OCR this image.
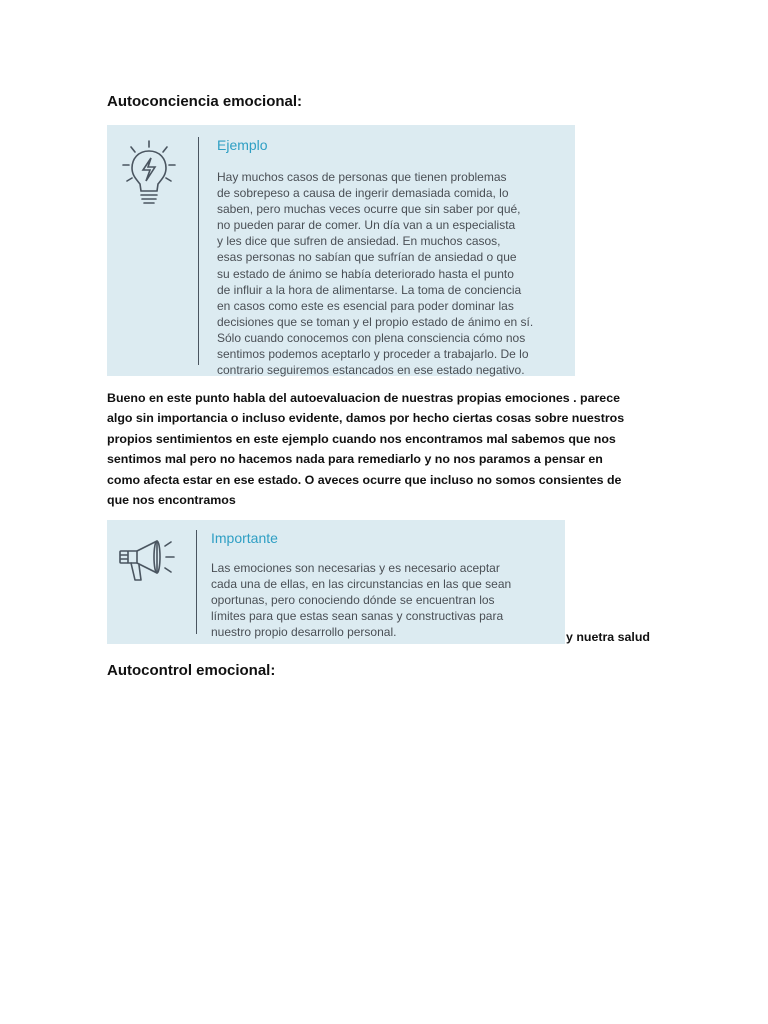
Autoconciencia emocional:
Ejemplo

Hay muchos casos de personas que tienen problemas
de sobrepeso a causa de ingerir demasiada comida, lo
saben, pero muchas veces ocurre que sin saber por qué,
no pueden parar de comer. Un día van a un especialista
y les dice que sufren de ansiedad. En muchos casos,
esas personas no sabían que sufrían de ansiedad o que
su estado de ánimo se había deteriorado hasta el punto
de influir a la hora de alimentarse. La toma de conciencia
en casos como este es esencial para poder dominar las
decisiones que se toman y el propio estado de ánimo en sí.
Sólo cuando conocemos con plena consciencia cómo nos
sentimos podemos aceptarlo y proceder a trabajarlo. De lo
contrario seguiremos estancados en ese estado negativo.

Bueno en este punto habla del autoevaluacion de nuestras propias emociones . parece
algo sin importancia o incluso evidente, damos por hecho ciertas cosas sobre nuestros
propios sentimientos en este ejemplo cuando nos encontramos mal sabemos que nos
sentimos mal pero no hacemos nada para remediarlo y no nos paramos a pensar en
como afecta estar en ese estado. O aveces ocurre que incluso no somos consientes de
que nos encontramos

Importante

Las emociones son necesarias y es necesario aceptar
cada una de ellas, en las circunstancias en las que sean
oportunas, pero conociendo dónde se encuentran los
límites para que estas sean sanas y constructivas para
nuestro propio desarrollo personal.	y nuetra salud
Autocontrol emocional:
